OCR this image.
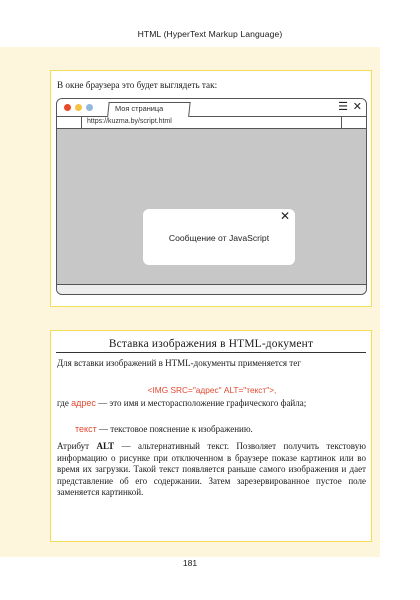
HTML (HyperText Markup Language)
В окне браузера это будет выглядеть так:
Моя страница	☰ ✕
https://kuzma.by/script.html
✕
Сообщение от JavaScript
Вставка изображения в HTML-документ
Для вставки изображений в HTML-документы применяется тег
<IMG SRC="адрес" ALT="текст">,
где адрес — это имя и месторасположение графического файла;
текст — текстовое пояснение к изображению.
Атрибут ALT — альтернативный текст. Позволяет получить текстовую информацию о рисунке при отключенном в браузере показе картинок или во время их загрузки. Такой текст появляется раньше самого изображения и дает представление об его содержании. Затем зарезервированное пустое поле заменяется картинкой.
181
